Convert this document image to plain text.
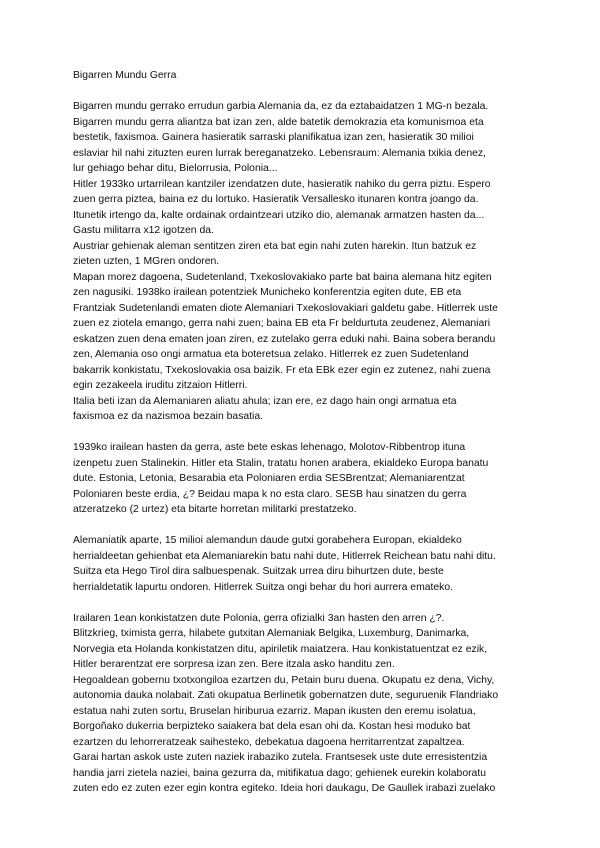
Bigarren Mundu Gerra
Bigarren mundu gerrako errudun garbia Alemania da, ez da eztabaidatzen 1 MG-n bezala.
Bigarren mundu gerra aliantza bat izan zen, alde batetik demokrazia eta komunismoa eta
bestetik, faxismoa. Gainera hasieratik sarraski planifikatua izan zen, hasieratik 30 milioi
eslaviar hil nahi zituzten euren lurrak bereganatzeko. Lebensraum: Alemania txikia denez,
lur gehiago behar ditu, Bielorrusia, Polonia...
Hitler 1933ko urtarrilean kantziler izendatzen dute, hasieratik nahiko du gerra piztu. Espero
zuen gerra piztea, baina ez du lortuko. Hasieratik Versallesko itunaren kontra joango da.
Itunetik irtengo da, kalte ordainak ordaintzeari utziko dio, alemanak armatzen hasten da...
Gastu militarra x12 igotzen da.
Austriar gehienak aleman sentitzen ziren eta bat egin nahi zuten harekin. Itun batzuk ez
zieten uzten, 1 MGren ondoren.
Mapan morez dagoena, Sudetenland, Txekoslovakiako parte bat baina alemana hitz egiten
zen nagusiki. 1938ko irailean potentziek Municheko konferentzia egiten dute, EB eta
Frantziak Sudetenlandi ematen diote Alemaniari Txekoslovakiari galdetu gabe. Hitlerrek uste
zuen ez ziotela emango, gerra nahi zuen; baina EB eta Fr beldurtuta zeudenez, Alemaniari
eskatzen zuen dena ematen joan ziren, ez zutelako gerra eduki nahi. Baina sobera berandu
zen, Alemania oso ongi armatua eta boteretsua zelako. Hitlerrek ez zuen Sudetenland
bakarrik konkistatu, Txekoslovakia osa baizik. Fr eta EBk ezer egin ez zutenez, nahi zuena
egin zezakeela iruditu zitzaion Hitlerri.
Italia beti izan da Alemaniaren aliatu ahula; izan ere, ez dago hain ongi armatua eta
faxismoa ez da nazismoa bezain basatia.
1939ko irailean hasten da gerra, aste bete eskas lehenago, Molotov-Ribbentrop ituna
izenpetu zuen Stalinekin. Hitler eta Stalin, tratatu honen arabera, ekialdeko Europa banatu
dute. Estonia, Letonia, Besarabia eta Poloniaren erdia SESBrentzat; Alemaniarentzat
Poloniaren beste erdia, ¿? Beidau mapa k no esta claro. SESB hau sinatzen du gerra
atzeratzeko (2 urtez) eta bitarte horretan militarki prestatzeko.
Alemaniatik aparte, 15 milioi alemandun daude gutxi gorabehera Europan, ekialdeko
herrialdeetan gehienbat eta Alemaniarekin batu nahi dute, Hitlerrek Reichean batu nahi ditu.
Suitza eta Hego Tirol dira salbuespenak. Suitzak urrea diru bihurtzen dute, beste
herrialdetatik lapurtu ondoren. Hitlerrek Suitza ongi behar du hori aurrera emateko.
Irailaren 1ean konkistatzen dute Polonia, gerra ofizialki 3an hasten den arren ¿?.
Blitzkrieg, tximista gerra, hilabete gutxitan Alemaniak Belgika, Luxemburg, Danimarka,
Norvegia eta Holanda konkistatzen ditu, apiriletik maiatzera. Hau konkistatuentzat ez ezik,
Hitler berarentzat ere sorpresa izan zen. Bere itzala asko handitu zen.
Hegoaldean gobernu txotxongiloa ezartzen du, Petain buru duena. Okupatu ez dena, Vichy,
autonomia dauka nolabait. Zati okupatua Berlinetik gobernatzen dute, seguruenik Flandriako
estatua nahi zuten sortu, Bruselan hiriburua ezarriz. Mapan ikusten den eremu isolatua,
Borgoñako dukerria berpizteko saiakera bat dela esan ohi da. Kostan hesi moduko bat
ezartzen du lehorreratzeak saihesteko, debekatua dagoena herritarrentzat zapaltzea.
Garai hartan askok uste zuten naziek irabaziko zutela. Frantsesek uste dute erresistentzia
handia jarri zietela naziei, baina gezurra da, mitifikatua dago; gehienek eurekin kolaboratu
zuten edo ez zuten ezer egin kontra egiteko. Ideia hori daukagu, De Gaullek irabazi zuelako
